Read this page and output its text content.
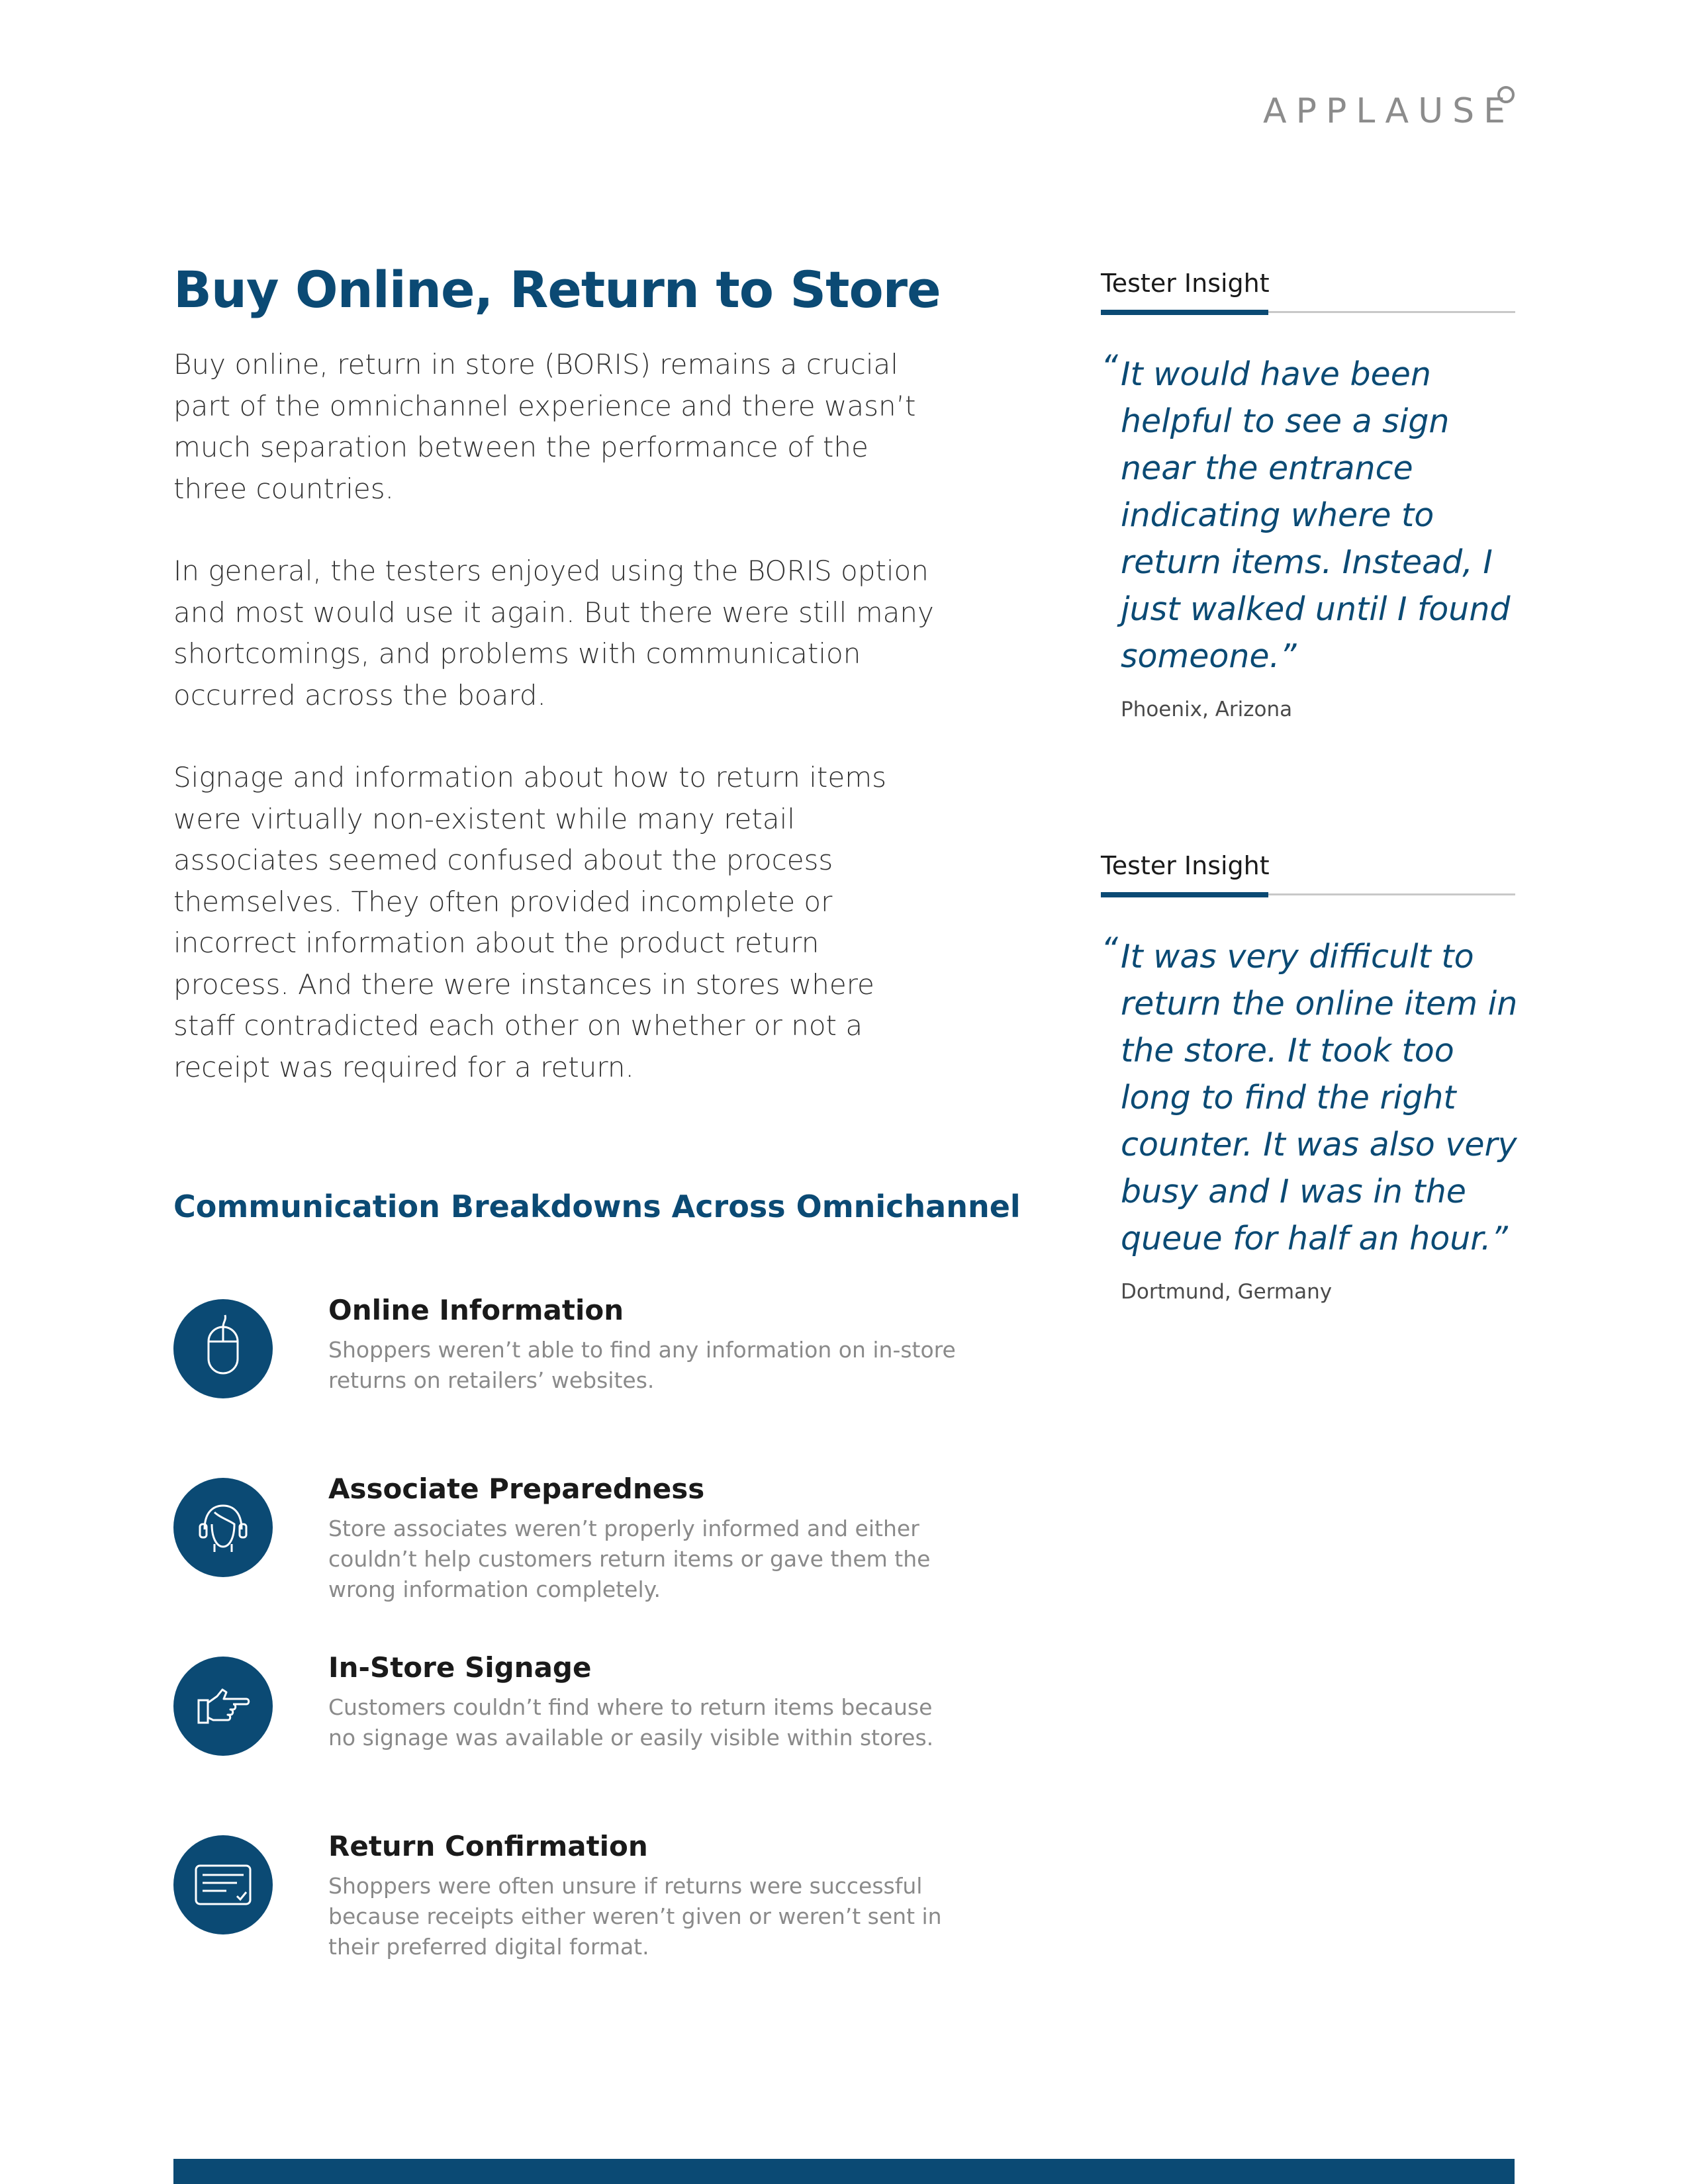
APPLAUSE
Buy Online, Return to Store

Buy online, return in store (BORIS) remains a crucial part of the omnichannel experience and there wasn’t much separation between the performance of the three countries.

In general, the testers enjoyed using the BORIS option and most would use it again. But there were still many shortcomings, and problems with communication occurred across the board.

Signage and information about how to return items were virtually non-existent while many retail associates seemed confused about the process themselves. They often provided incomplete or incorrect information about the product return process. And there were instances in stores where staff contradicted each other on whether or not a receipt was required for a return.

Communication Breakdowns Across Omnichannel
Online Information

Shoppers weren’t able to find any information on in-store returns on retailers’ websites.

Associate Preparedness

Store associates weren’t properly informed and either couldn’t help customers return items or gave them the wrong information completely.

In-Store Signage

Customers couldn’t find where to return items because no signage was available or easily visible within stores.

Return Confirmation

Shoppers were often unsure if returns were successful because receipts either weren’t given or weren’t sent in their preferred digital format.

Tester Insight

“ It would have been helpful to see a sign near the entrance indicating where to return items. Instead, I just walked until I found someone.”

Phoenix, Arizona

Tester Insight

“ It was very difficult to return the online item in the store. It took too long to find the right counter. It was also very busy and I was in the queue for half an hour.”

Dortmund, Germany
